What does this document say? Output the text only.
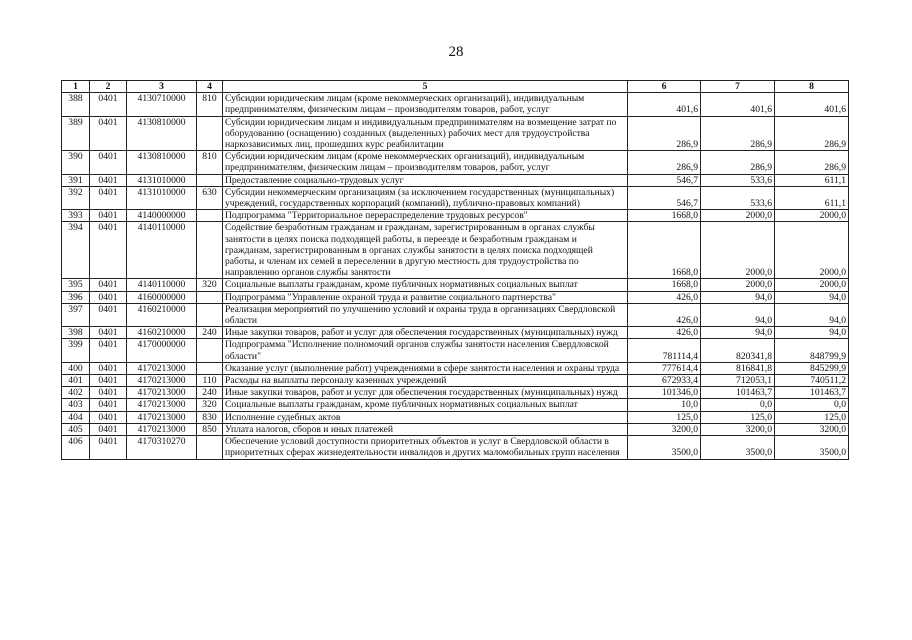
28
1	2	3	4	5	6	7	8
388	0401	4130710000	810	Субсидии юридическим лицам (кроме некоммерческих организаций), индивидуальным предпринимателям, физическим лицам – производителям товаров, работ, услуг	401,6	401,6	401,6
389	0401	4130810000		Субсидии юридическим лицам и индивидуальным предпринимателям на возмещение затрат по оборудованию (оснащению) созданных (выделенных) рабочих мест для трудоустройства наркозависимых лиц, прошедших курс реабилитации	286,9	286,9	286,9
390	0401	4130810000	810	Субсидии юридическим лицам (кроме некоммерческих организаций), индивидуальным предпринимателям, физическим лицам – производителям товаров, работ, услуг	286,9	286,9	286,9
391	0401	4131010000		Предоставление социально-трудовых услуг	546,7	533,6	611,1
392	0401	4131010000	630	Субсидии некоммерческим организациям (за исключением государственных (муниципальных) учреждений, государственных корпораций (компаний), публично-правовых компаний)	546,7	533,6	611,1
393	0401	4140000000		Подпрограмма "Территориальное перераспределение трудовых ресурсов"	1668,0	2000,0	2000,0
394	0401	4140110000		Содействие безработным гражданам и гражданам, зарегистрированным в органах службы занятости в целях поиска подходящей работы, в переезде и безработным гражданам и гражданам, зарегистрированным в органах службы занятости в целях поиска подходящей работы, и членам их семей в переселении в другую местность для трудоустройства по направлению органов службы занятости	1668,0	2000,0	2000,0
395	0401	4140110000	320	Социальные выплаты гражданам, кроме публичных нормативных социальных выплат	1668,0	2000,0	2000,0
396	0401	4160000000		Подпрограмма "Управление охраной труда и развитие социального партнерства"	426,0	94,0	94,0
397	0401	4160210000		Реализация мероприятий по улучшению условий и охраны труда в организациях Свердловской области	426,0	94,0	94,0
398	0401	4160210000	240	Иные закупки товаров, работ и услуг для обеспечения государственных (муниципальных) нужд	426,0	94,0	94,0
399	0401	4170000000		Подпрограмма "Исполнение полномочий органов службы занятости населения Свердловской области"	781114,4	820341,8	848799,9
400	0401	4170213000		Оказание услуг (выполнение работ) учреждениями в сфере занятости населения и охраны труда	777614,4	816841,8	845299,9
401	0401	4170213000	110	Расходы на выплаты персоналу казенных учреждений	672933,4	712053,1	740511,2
402	0401	4170213000	240	Иные закупки товаров, работ и услуг для обеспечения государственных (муниципальных) нужд	101346,0	101463,7	101463,7
403	0401	4170213000	320	Социальные выплаты гражданам, кроме публичных нормативных социальных выплат	10,0	0,0	0,0
404	0401	4170213000	830	Исполнение судебных актов	125,0	125,0	125,0
405	0401	4170213000	850	Уплата налогов, сборов и иных платежей	3200,0	3200,0	3200,0
406	0401	4170310270		Обеспечение условий доступности приоритетных объектов и услуг в Свердловской области в приоритетных сферах жизнедеятельности инвалидов и других маломобильных групп населения	3500,0	3500,0	3500,0
